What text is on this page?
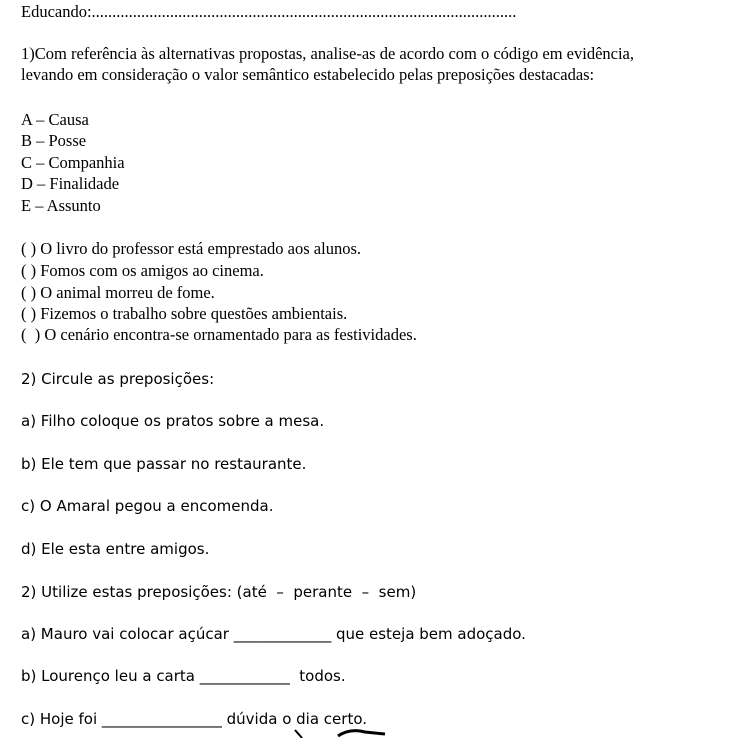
Educando:.......................................................................................................
1)Com referência às alternativas propostas, analise-as de acordo com o código em evidência,
levando em consideração o valor semântico estabelecido pelas preposições destacadas:
A – Causa
B – Posse
C – Companhia
D – Finalidade
E – Assunto
( ) O livro do professor está emprestado aos alunos.
( ) Fomos com os amigos ao cinema.
( ) O animal morreu de fome.
( ) Fizemos o trabalho sobre questões ambientais.
(  ) O cenário encontra-se ornamentado para as festividades.
2) Circule as preposições:
a) Filho coloque os pratos sobre a mesa.
b) Ele tem que passar no restaurante.
c) O Amaral pegou a encomenda.
d) Ele esta entre amigos.
2) Utilize estas preposições: (até  –  perante  –  sem)
a) Mauro vai colocar açúcar _____________ que esteja bem adoçado.
b) Lourenço leu a carta ____________  todos.
c) Hoje foi ________________ dúvida o dia certo.
